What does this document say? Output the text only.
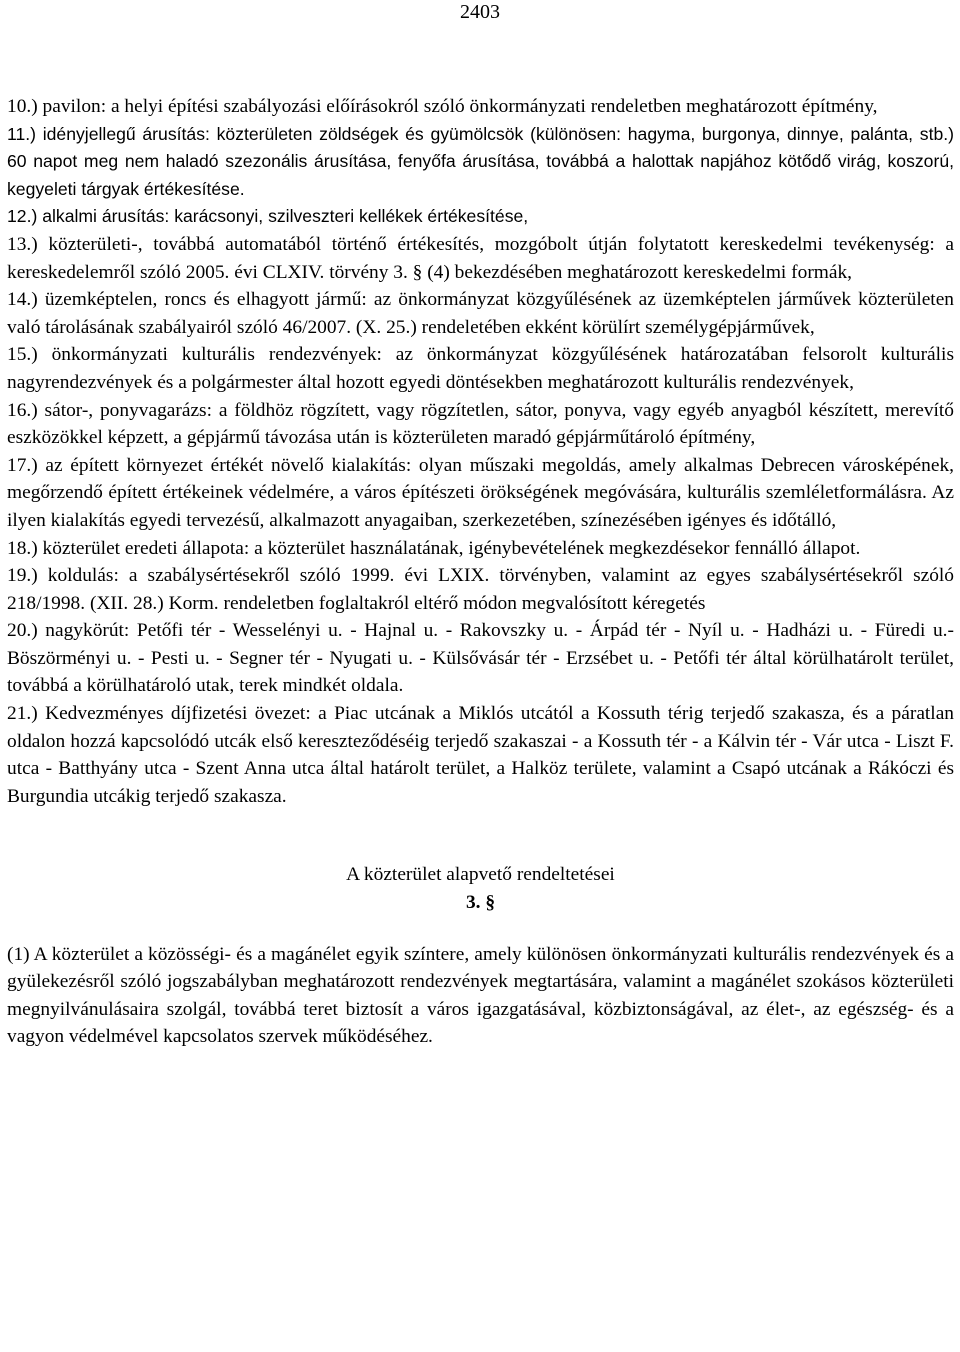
2403

10.) pavilon: a helyi építési szabályozási előírásokról szóló önkormányzati rendeletben meghatározott építmény,

11.) idényjellegű árusítás: közterületen zöldségek és gyümölcsök (különösen: hagyma, burgonya, dinnye, palánta, stb.) 60 napot meg nem haladó szezonális árusítása, fenyőfa árusítása, továbbá a halottak napjához kötődő virág, koszorú, kegyeleti tárgyak értékesítése.

12.) alkalmi árusítás: karácsonyi, szilveszteri kellékek értékesítése,

13.) közterületi-, továbbá automatából történő értékesítés, mozgóbolt útján folytatott kereskedelmi tevékenység: a kereskedelemről szóló 2005. évi CLXIV. törvény 3. § (4) bekezdésében meghatározott kereskedelmi formák,

14.) üzemképtelen, roncs és elhagyott jármű: az önkormányzat közgyűlésének az üzemképtelen járművek közterületen való tárolásának szabályairól szóló 46/2007. (X. 25.) rendeletében ekként körülírt személygépjárművek,

15.) önkormányzati kulturális rendezvények: az önkormányzat közgyűlésének határozatában felsorolt kulturális nagyrendezvények és a polgármester által hozott egyedi döntésekben meghatározott kulturális rendezvények,

16.) sátor-, ponyvagarázs: a földhöz rögzített, vagy rögzítetlen, sátor, ponyva, vagy egyéb anyagból készített, merevítő eszközökkel képzett, a gépjármű távozása után is közterületen maradó gépjárműtároló építmény,

17.) az épített környezet értékét növelő kialakítás: olyan műszaki megoldás, amely alkalmas Debrecen városképének, megőrzendő épített értékeinek védelmére, a város építészeti örökségének megóvására, kulturális szemléletformálásra. Az ilyen kialakítás egyedi tervezésű, alkalmazott anyagaiban, szerkezetében, színezésében igényes és időtálló,

18.) közterület eredeti állapota: a közterület használatának, igénybevételének megkezdésekor fennálló állapot.

19.) koldulás: a szabálysértésekről szóló 1999. évi LXIX. törvényben, valamint az egyes szabálysértésekről szóló 218/1998. (XII. 28.) Korm. rendeletben foglaltakról eltérő módon megvalósított kéregetés

20.) nagykörút: Petőfi tér - Wesselényi u. - Hajnal u. - Rakovszky u. - Árpád tér - Nyíl u. - Hadházi u. - Füredi u.- Böszörményi u. - Pesti u. - Segner tér - Nyugati u. - Külsővásár tér - Erzsébet u. - Petőfi tér által körülhatárolt terület, továbbá a körülhatároló utak, terek mindkét oldala.

21.) Kedvezményes díjfizetési övezet: a Piac utcának a Miklós utcától a Kossuth térig terjedő szakasza, és a páratlan oldalon hozzá kapcsolódó utcák első kereszteződéséig terjedő szakaszai - a Kossuth tér - a Kálvin tér - Vár utca - Liszt F. utca - Batthyány utca - Szent Anna utca által határolt terület, a Halköz területe, valamint a Csapó utcának a Rákóczi és Burgundia utcákig terjedő szakasza.

A közterület alapvető rendeltetései

3. §

(1) A közterület a közösségi- és a magánélet egyik színtere, amely különösen önkormányzati kulturális rendezvények és a gyülekezésről szóló jogszabályban meghatározott rendezvények megtartására, valamint a magánélet szokásos közterületi megnyilvánulásaira szolgál, továbbá teret biztosít a város igazgatásával, közbiztonságával, az élet-, az egészség- és a vagyon védelmével kapcsolatos szervek működéséhez.
